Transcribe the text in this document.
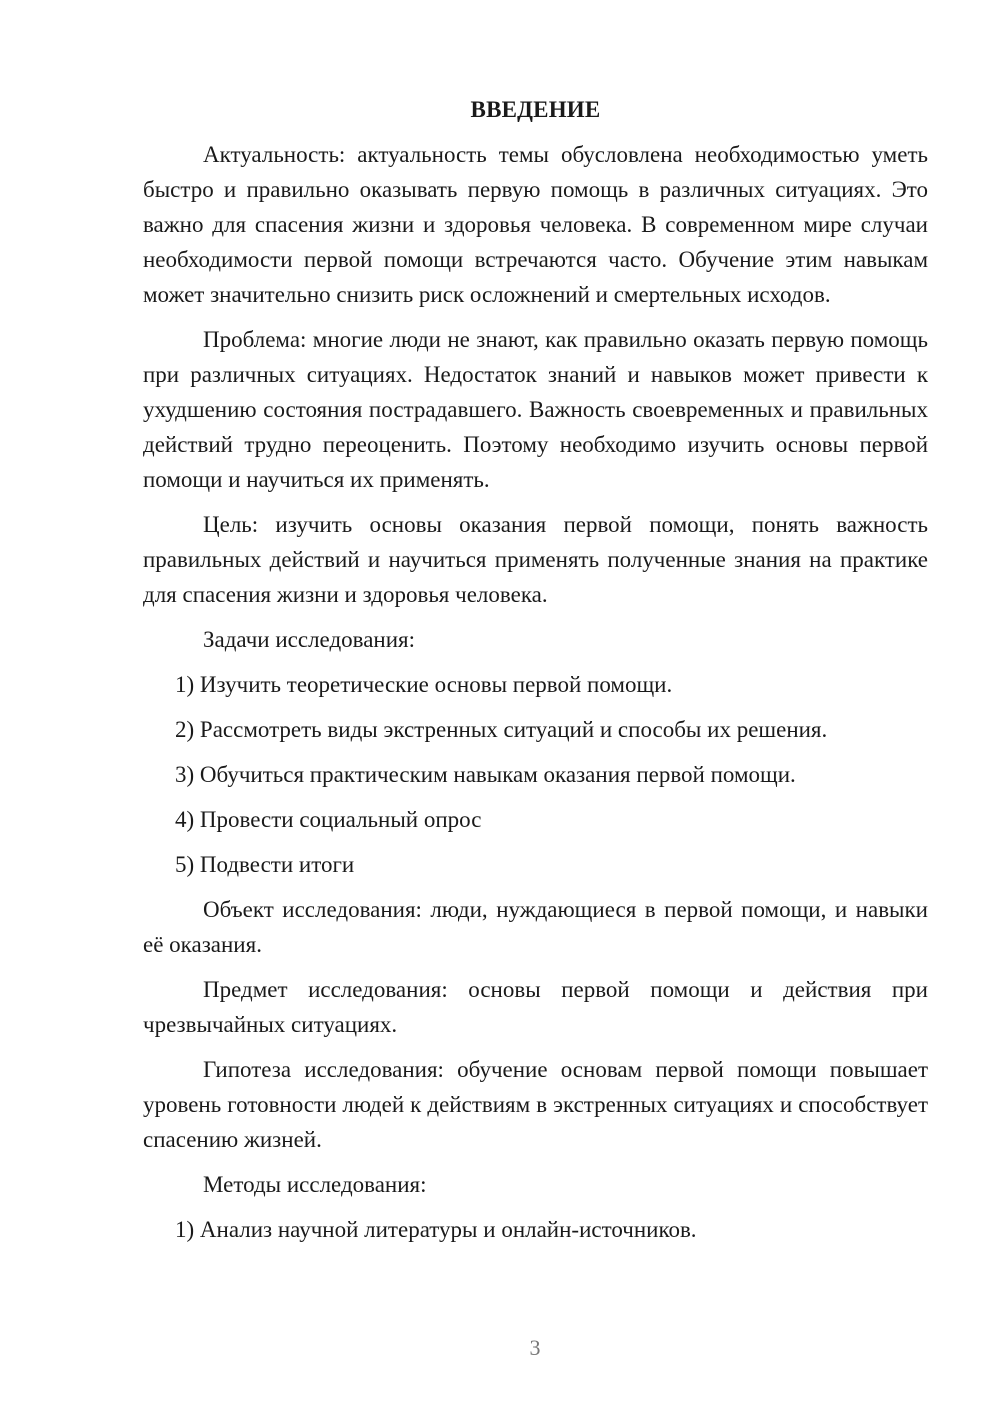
ВВЕДЕНИЕ

Актуальность: актуальность темы обусловлена необходимостью уметь быстро и правильно оказывать первую помощь в различных ситуациях. Это важно для спасения жизни и здоровья человека. В современном мире случаи необходимости первой помощи встречаются часто. Обучение этим навыкам может значительно снизить риск осложнений и смертельных исходов.

Проблема: многие люди не знают, как правильно оказать первую помощь при различных ситуациях. Недостаток знаний и навыков может привести к ухудшению состояния пострадавшего. Важность своевременных и правильных действий трудно переоценить. Поэтому необходимо изучить основы первой помощи и научиться их применять.

Цель: изучить основы оказания первой помощи, понять важность правильных действий и научиться применять полученные знания на практике для спасения жизни и здоровья человека.

Задачи исследования:

1) Изучить теоретические основы первой помощи.
2) Рассмотреть виды экстренных ситуаций и способы их решения.
3) Обучиться практическим навыкам оказания первой помощи.
4) Провести социальный опрос
5) Подвести итоги

Объект исследования: люди, нуждающиеся в первой помощи, и навыки её оказания.

Предмет исследования: основы первой помощи и действия при чрезвычайных ситуациях.

Гипотеза исследования: обучение основам первой помощи повышает уровень готовности людей к действиям в экстренных ситуациях и способствует спасению жизней.

Методы исследования:

1) Анализ научной литературы и онлайн-источников.
3
